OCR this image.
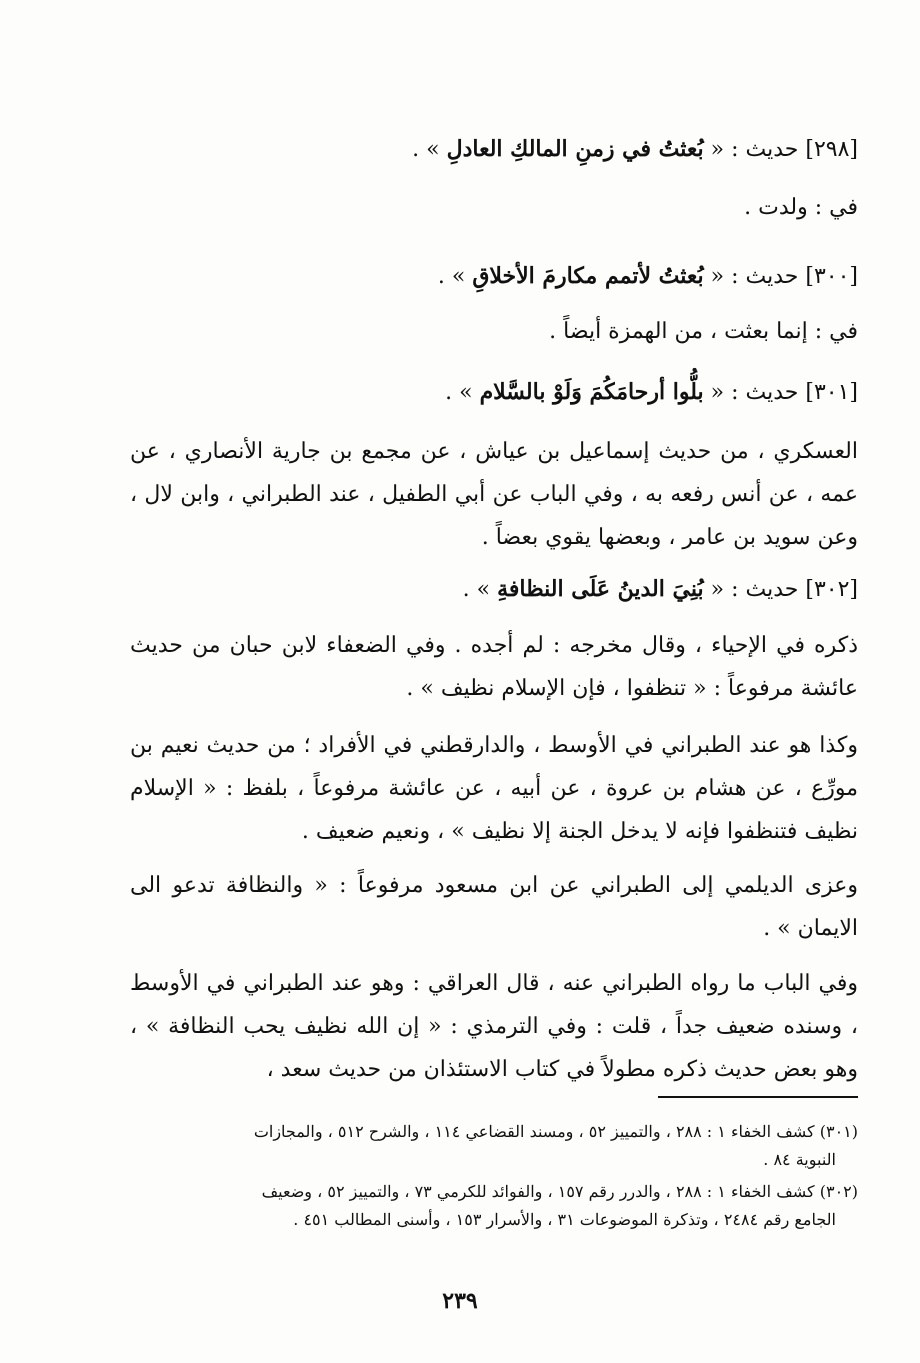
[٢٩٨] حديث : « بُعثتُ في زمنِ المالكِ العادلِ » .
في : ولدت .
[٣٠٠] حديث : « بُعثتُ لأتمم مكارمَ الأخلاقِ » .
في : إنما بعثت ، من الهمزة أيضاً .
[٣٠١] حديث : « بلُّوا أرحامَكُمَ وَلَوْ بالسَّلام » .
العسكري ، من حديث إسماعيل بن عياش ، عن مجمع بن جارية الأنصاري ، عن عمه ، عن أنس رفعه به ، وفي الباب عن أبي الطفيل ، عند الطبراني ، وابن لال ، وعن سويد بن عامر ، وبعضها يقوي بعضاً .
[٣٠٢] حديث : « بُنِيَ الدينُ عَلَى النظافةِ » .
ذكره في الإحياء ، وقال مخرجه : لم أجده . وفي الضعفاء لابن حبان من حديث عائشة مرفوعاً : « تنظفوا ، فإن الإسلام نظيف » .
وكذا هو عند الطبراني في الأوسط ، والدارقطني في الأفراد ؛ من حديث نعيم بن مورِّع ، عن هشام بن عروة ، عن أبيه ، عن عائشة مرفوعاً ، بلفظ : « الإسلام نظيف فتنظفوا فإنه لا يدخل الجنة إلا نظيف » ، ونعيم ضعيف .
وعزى الديلمي إلى الطبراني عن ابن مسعود مرفوعاً : « والنظافة تدعو الى الايمان » .
وفي الباب ما رواه الطبراني عنه ، قال العراقي : وهو عند الطبراني في الأوسط ، وسنده ضعيف جداً ، قلت : وفي الترمذي : « إن الله نظيف يحب النظافة » ، وهو بعض حديث ذكره مطولاً في كتاب الاستئذان من حديث سعد ،
(٣٠١) كشف الخفاء ١ : ٢٨٨ ، والتمييز ٥٢ ، ومسند القضاعي ١١٤ ، والشرح ٥١٢ ، والمجازات
النبوية ٨٤ .
(٣٠٢) كشف الخفاء ١ : ٢٨٨ ، والدرر رقم ١٥٧ ، والفوائد للكرمي ٧٣ ، والتمييز ٥٢ ، وضعيف
الجامع رقم ٢٤٨٤ ، وتذكرة الموضوعات ٣١ ، والأسرار ١٥٣ ، وأسنى المطالب ٤٥١ .
٢٣٩
